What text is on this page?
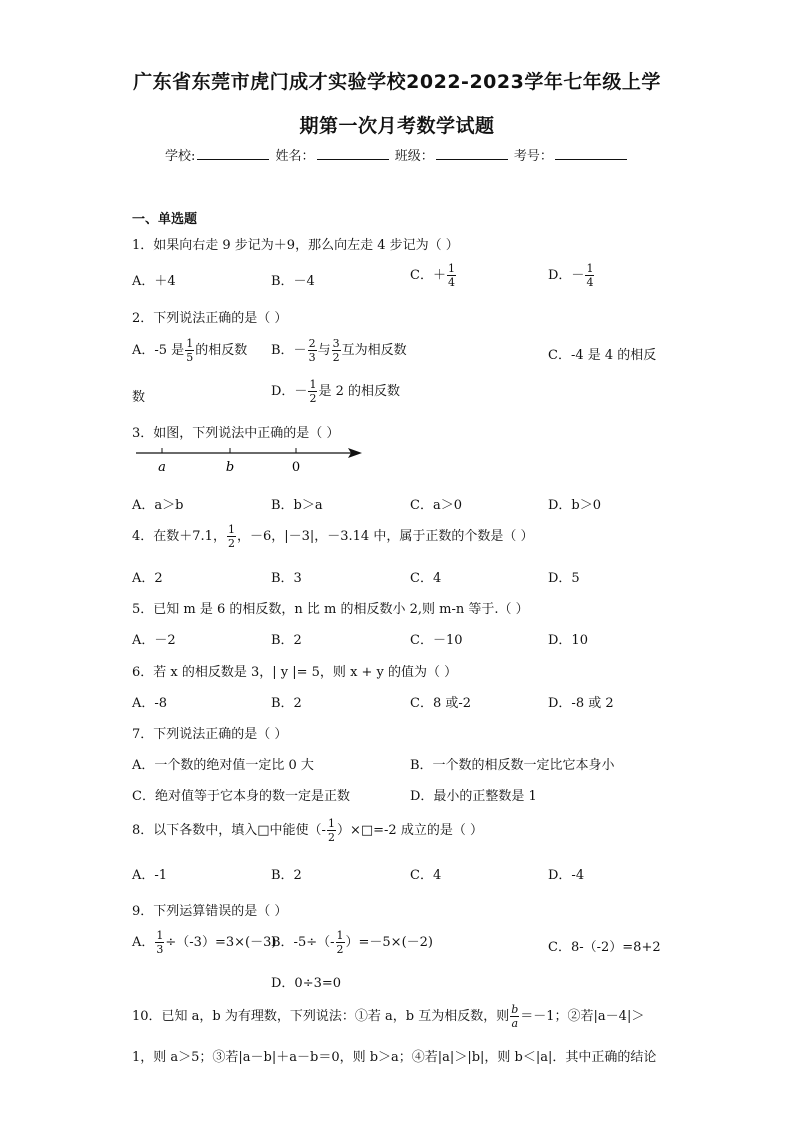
广东省东莞市虎门成才实验学校2022-2023学年七年级上学
期第一次月考数学试题
学校:	姓名：	班级：	考号：
一、单选题
1．如果向右走 9 步记为＋9，那么向左走 4 步记为（ ）
A．＋4	B．－4	C．＋ $\frac{1}{4}$	D．－ $\frac{1}{4}$
2．下列说法正确的是（ ）
A．-5 是 $\frac{1}{5}$ 的相反数 B．－ $\frac{2}{3}$ 与 $\frac{3}{2}$ 互为相反数	C．-4 是 4 的相反
数	D．－ $\frac{1}{2}$ 是 2 的相反数
3．如图，下列说法中正确的是（ ）
a	b	0
A．a＞b	B．b＞a	C．a＞0	D．b＞0
4．在数＋7.1， $\frac{1}{2}$ ，－6，|－3|，－3.14 中，属于正数的个数是（ ）
A．2	B．3	C．4	D．5
5．已知 m 是 6 的相反数，n 比 m 的相反数小 2,则 m-n 等于.（ ）
A．－2	B．2	C．－10	D．10
6．若 x 的相反数是 3，| y |= 5，则 x + y 的值为（ ）
A．-8	B．2	C．8 或-2	D．-8 或 2
7．下列说法正确的是（ ）
A．一个数的绝对值一定比 0 大	B．一个数的相反数一定比它本身小
C．绝对值等于它本身的数一定是正数	D．最小的正整数是 1
8．以下各数中，填入□中能使（- $\frac{1}{2}$ ）×□=-2 成立的是（ ）
A．-1	B．2	C．4	D．-4
9．下列运算错误的是（ ）
A． $\frac{1}{3} \div(-3)=3\times(-3)$
B．$-5\div(- \frac{1}{2} )=-5\times(-2)$	C．8-（-2）=8+2
D．0÷3=0
10．已知 a，b 为有理数，下列说法：①若 a，b 互为相反数，则 $\frac{b}{a} =-1$；②若|a－4|＞
1，则 a＞5；③若|a－b|＋a－b＝0，则 b＞a；④若|a|＞|b|，则 b＜|a|．其中正确的结论
